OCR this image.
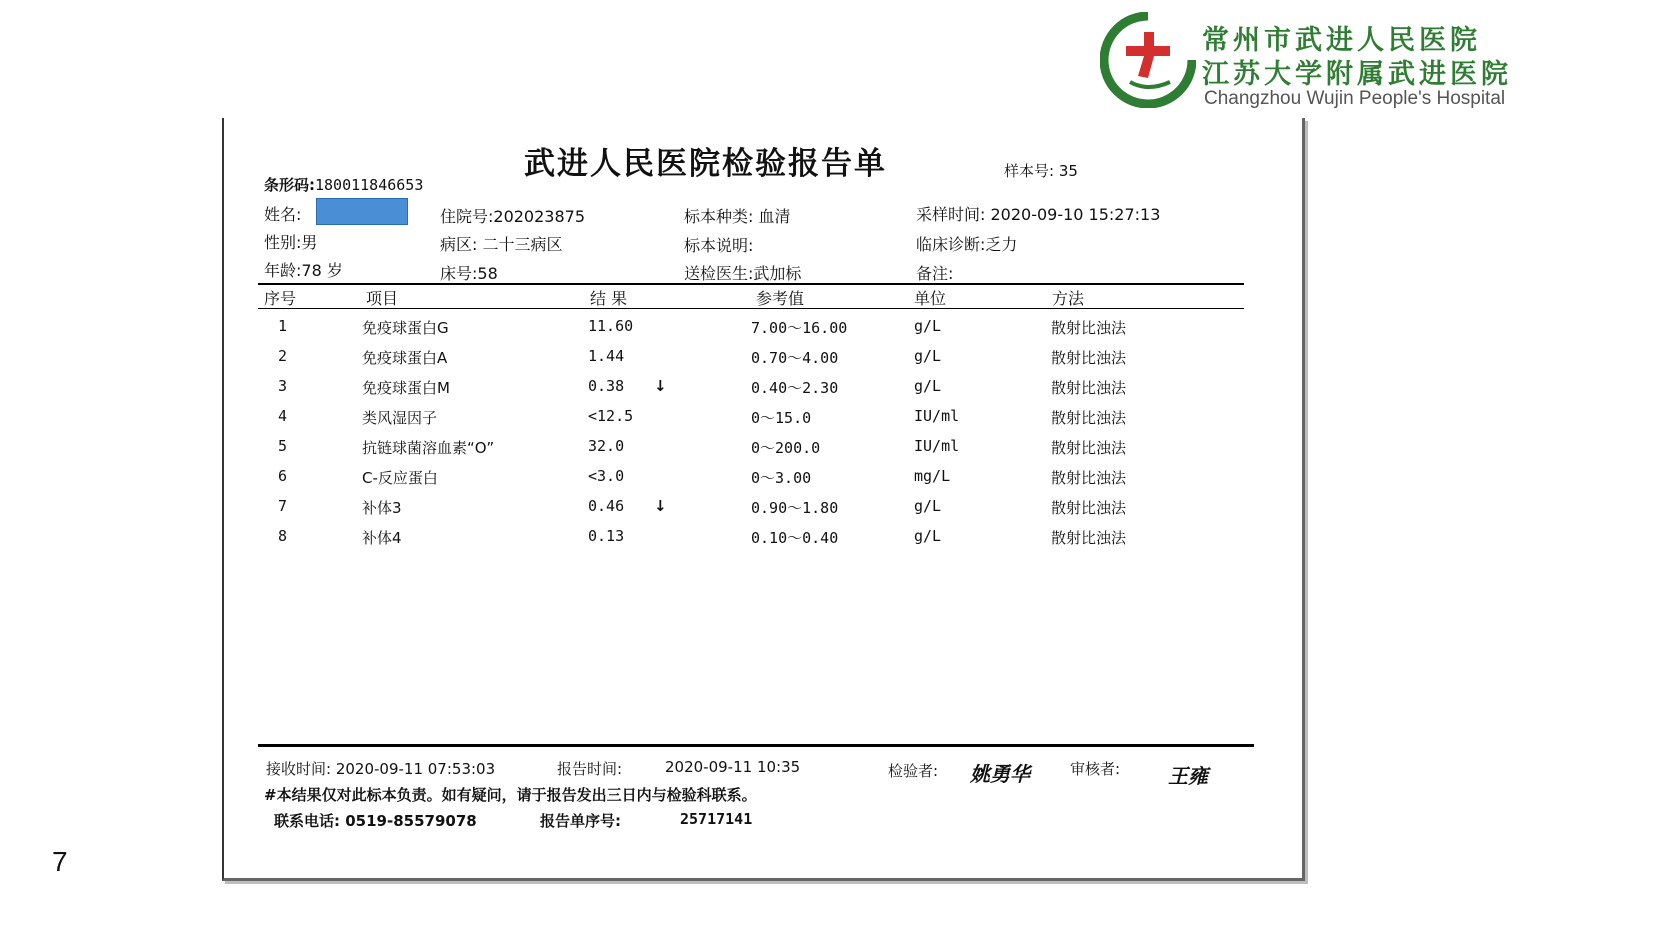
常州市武进人民医院
江苏大学附属武进医院
Changzhou Wujin People's Hospital
7
武进人民医院检验报告单	样本号: 35
条形码:180011846653
姓名:	住院号:202023875	标本种类: 血清	采样时间: 2020-09-10 15:27:13
性别:男	病区: 二十三病区	标本说明:	临床诊断:乏力
年龄:78 岁	床号:58	送检医生:武加标	备注:
序号	项目	结 果	参考值	单位	方法
1	免疫球蛋白G	11.60	7.00～16.00	g/L	散射比浊法
2	免疫球蛋白A	1.44	0.70～4.00	g/L	散射比浊法
3	免疫球蛋白M	0.38 ↓	0.40～2.30	g/L	散射比浊法
4	类风湿因子	<12.5	0～15.0	IU/ml	散射比浊法
5	抗链球菌溶血素“O”	32.0	0～200.0	IU/ml	散射比浊法
6	C-反应蛋白	<3.0	0～3.00	mg/L	散射比浊法
7	补体3	0.46 ↓	0.90～1.80	g/L	散射比浊法
8	补体4	0.13	0.10～0.40	g/L	散射比浊法
接收时间: 2020-09-11 07:53:03	报告时间:	2020-09-11 10:35	检验者: 姚勇华	审核者: 王雍
#本结果仅对此标本负责。如有疑问，请于报告发出三日内与检验科联系。
联系电话: 0519-85579078	报告单序号:	25717141
